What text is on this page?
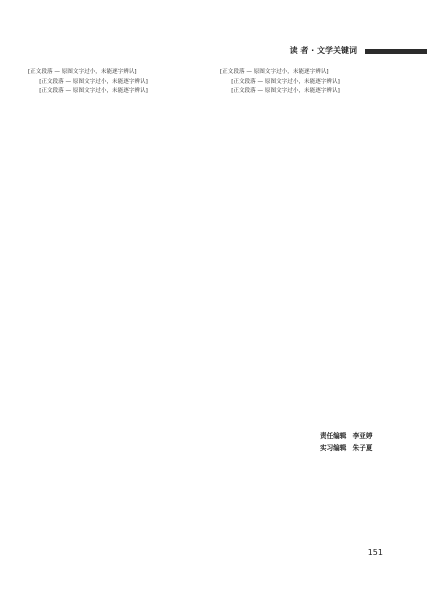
读 者 · 文学关键词

[正文段落 — 原图文字过小，未能逐字辨认]

[正文段落 — 原图文字过小，未能逐字辨认]

[正文段落 — 原图文字过小，未能逐字辨认]

[正文段落 — 原图文字过小，未能逐字辨认]

[正文段落 — 原图文字过小，未能逐字辨认]

[正文段落 — 原图文字过小，未能逐字辨认]

责任编辑 李亚婷
实习编辑 朱子夏
151
